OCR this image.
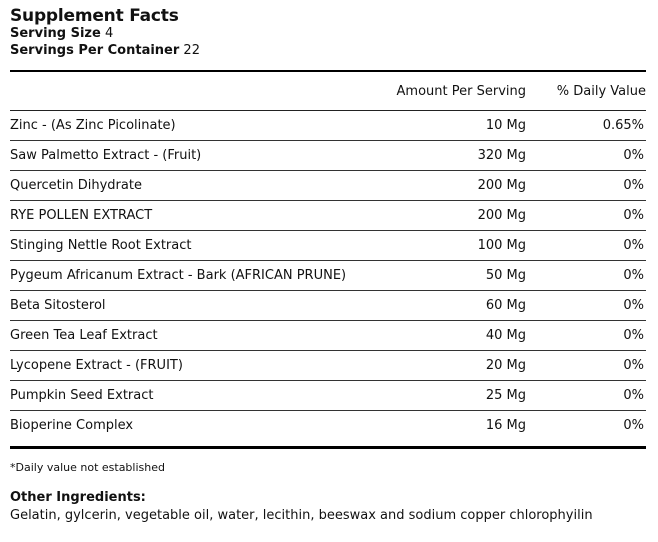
Supplement Facts
Serving Size 4
Servings Per Container 22
Amount Per Serving % Daily Value
Zinc - (As Zinc Picolinate)	10 Mg	0.65%
Saw Palmetto Extract - (Fruit)	320 Mg	0%
Quercetin Dihydrate	200 Mg	0%
RYE POLLEN EXTRACT	200 Mg	0%
Stinging Nettle Root Extract	100 Mg	0%
Pygeum Africanum Extract - Bark (AFRICAN PRUNE)	50 Mg	0%
Beta Sitosterol	60 Mg	0%
Green Tea Leaf Extract	40 Mg	0%
Lycopene Extract - (FRUIT)	20 Mg	0%
Pumpkin Seed Extract	25 Mg	0%
Bioperine Complex	16 Mg	0%
*Daily value not established
Other Ingredients:
Gelatin, gylcerin, vegetable oil, water, lecithin, beeswax and sodium copper chlorophyilin
